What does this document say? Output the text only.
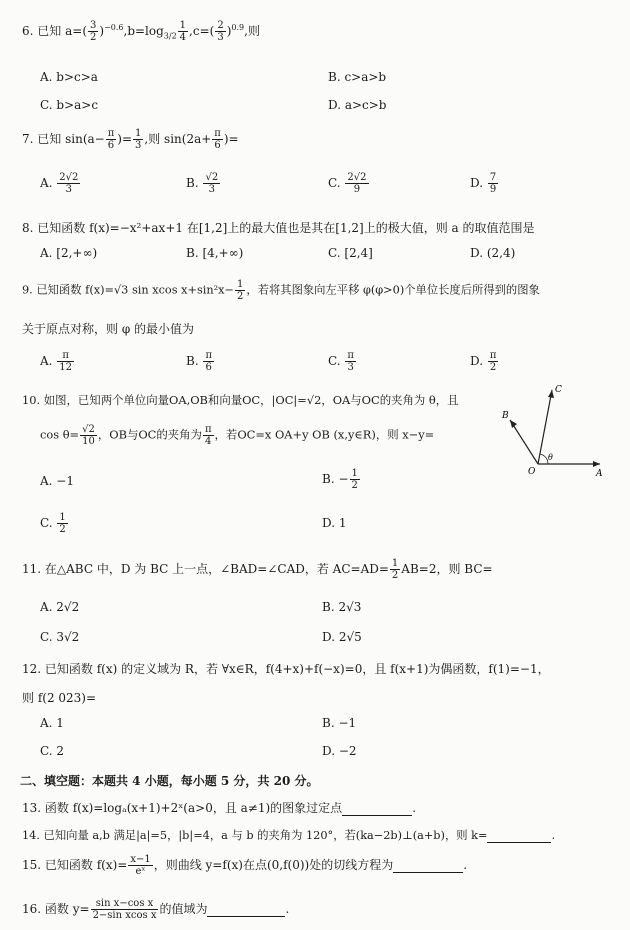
6. 已知 $a=( \frac{3}{2} )^{-0.6},b=\log_{3/2} \frac{1}{4} ,c=( \frac{2}{3} )^{0.9}$,则
A. b>c>a	B. c>a>b
C. b>a>c	D. a>c>b
7. 已知 $\sin(a- \frac{\pi}{6}$ )= $\frac{1}{3}$ ,则 $\sin(2a+ \frac{\pi}{6}$ )=
A. $\frac{2√2}{3}$	B. $\frac{√2}{3}$	C. $\frac{2√2}{9}$	D. $\frac{7}{9}$
8. 已知函数 f(x)=−x²+ax+1 在[1,2]上的最大值也是其在[1,2]上的极大值，则 a 的取值范围是
A. [2,+∞)	B. [4,+∞)	C. [2,4]	D. (2,4)
9. 已知函数 f(x)=√3 sin xcos $x+\sin^2x- \frac{1}{2}$ ，若将其图象向左平移 φ(φ>0)个单位长度后所得到的图象
关于原点对称，则 φ 的最小值为
A. $\frac{\pi}{12}$	B. $\frac{\pi}{6}$	C. $\frac{\pi}{3}$	D. $\frac{\pi}{2}$
10. 如图，已知两个单位向量OA,OB和向量OC，|OC|=√2，OA与OC的夹角为 θ，且
$\cos \theta= \frac{√2}{10}$ ，OB与OC的夹角为 $\frac{\pi}{4}$ ，若OC=x OA+y OB (x,y∈R)，则 x−y=
A. −1	B. − $\frac{1}{2}$
C. $\frac{1}{2}$	D. 1
A
B
C
O
θ
11. 在△ABC 中，D 为 BC 上一点，∠BAD=∠CAD，若 $AC=AD= \frac{1}{2} AB=2$，则 BC=
A. 2√2	B. 2√3
C. 3√2	D. 2√5
12. 已知函数 f(x) 的定义域为 R，若 ∀x∈R，f(4+x)+f(−x)=0，且 f(x+1)为偶函数，f(1)=−1，
则 f(2 023)=
A. 1	B. −1
C. 2	D. −2
二、填空题：本题共 4 小题，每小题 5 分，共 20 分。
13. 函数 f(x)=logₐ(x+1)+2ˣ(a>0，且 a≠1)的图象过定点	.
14. 已知向量 a,b 满足|a|=5，|b|=4，a 与 b 的夹角为 120°，若(ka−2b)⊥(a+b)，则 k=	.
15. 已知函数 $f(x)= \frac{x-1}{\text{eˣ}}$ ，则曲线 y=f(x)在点(0,f(0))处的切线方程为	.
16. 函数 $y= \frac{\text{sin x−cos x}}{\text{2−sin xcos x}}$ 的值域为	.
